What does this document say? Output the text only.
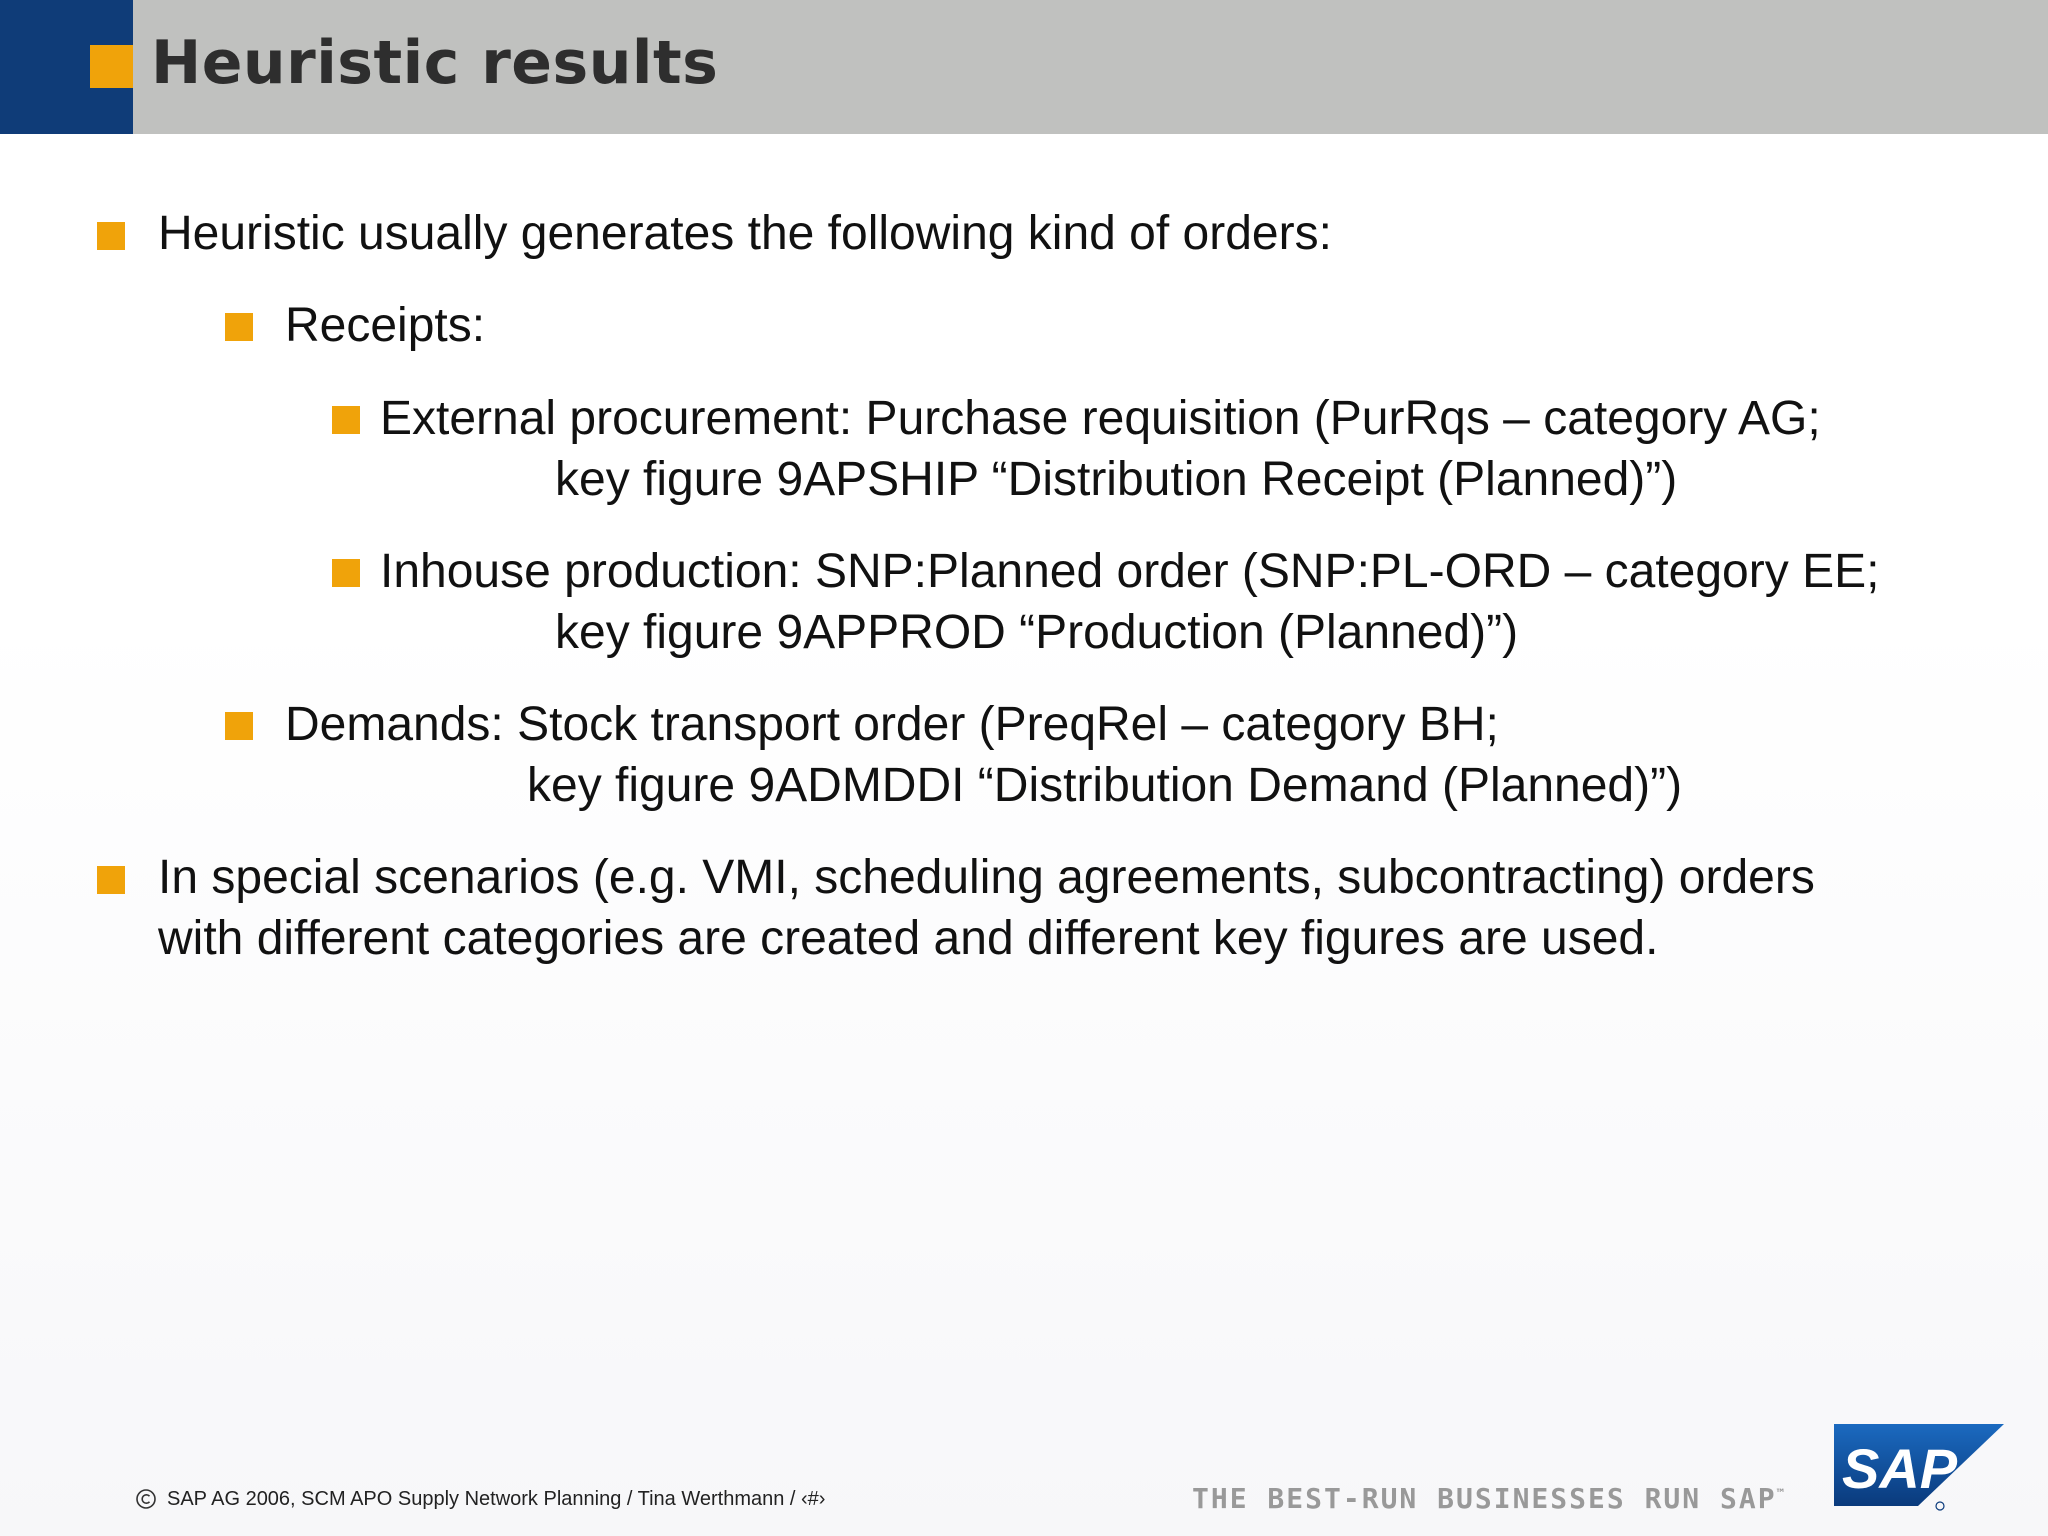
Heuristic results
Heuristic usually generates the following kind of orders:
Receipts:
External procurement: Purchase requisition (PurRqs – category AG;
key figure 9APSHIP “Distribution Receipt (Planned)”)
Inhouse production: SNP:Planned order (SNP:PL-ORD – category EE;
key figure 9APPROD “Production (Planned)”)
Demands: Stock transport order (PreqRel – category BH;
key figure 9ADMDDI “Distribution Demand (Planned)”)
In special scenarios (e.g. VMI, scheduling agreements, subcontracting) orders
with different categories are created and different key figures are used.
SAP AG 2006, SCM APO Supply Network Planning / Tina Werthmann / ‹#›	THE BEST-RUN BUSINESSES RUN SAP™ SAP
